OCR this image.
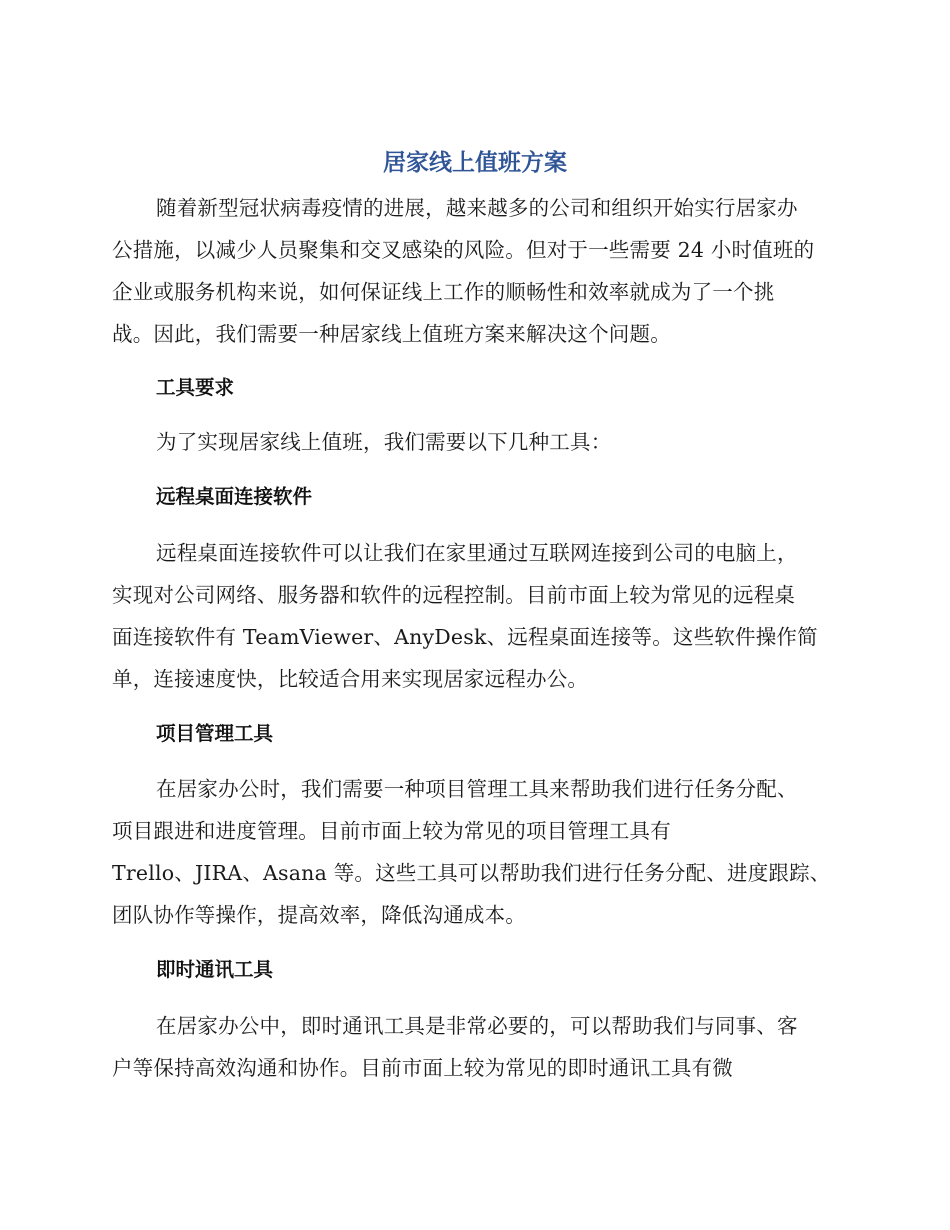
居家线上值班方案

随着新型冠状病毒疫情的进展，越来越多的公司和组织开始实行居家办
公措施，以减少人员聚集和交叉感染的风险。但对于一些需要 24 小时值班的
企业或服务机构来说，如何保证线上工作的顺畅性和效率就成为了一个挑
战。因此，我们需要一种居家线上值班方案来解决这个问题。

工具要求

为了实现居家线上值班，我们需要以下几种工具：

远程桌面连接软件

远程桌面连接软件可以让我们在家里通过互联网连接到公司的电脑上，
实现对公司网络、服务器和软件的远程控制。目前市面上较为常见的远程桌
面连接软件有 TeamViewer、AnyDesk、远程桌面连接等。这些软件操作简
单，连接速度快，比较适合用来实现居家远程办公。

项目管理工具

在居家办公时，我们需要一种项目管理工具来帮助我们进行任务分配、
项目跟进和进度管理。目前市面上较为常见的项目管理工具有
Trello、JIRA、Asana 等。这些工具可以帮助我们进行任务分配、进度跟踪、
团队协作等操作，提高效率，降低沟通成本。

即时通讯工具

在居家办公中，即时通讯工具是非常必要的，可以帮助我们与同事、客
户等保持高效沟通和协作。目前市面上较为常见的即时通讯工具有微
